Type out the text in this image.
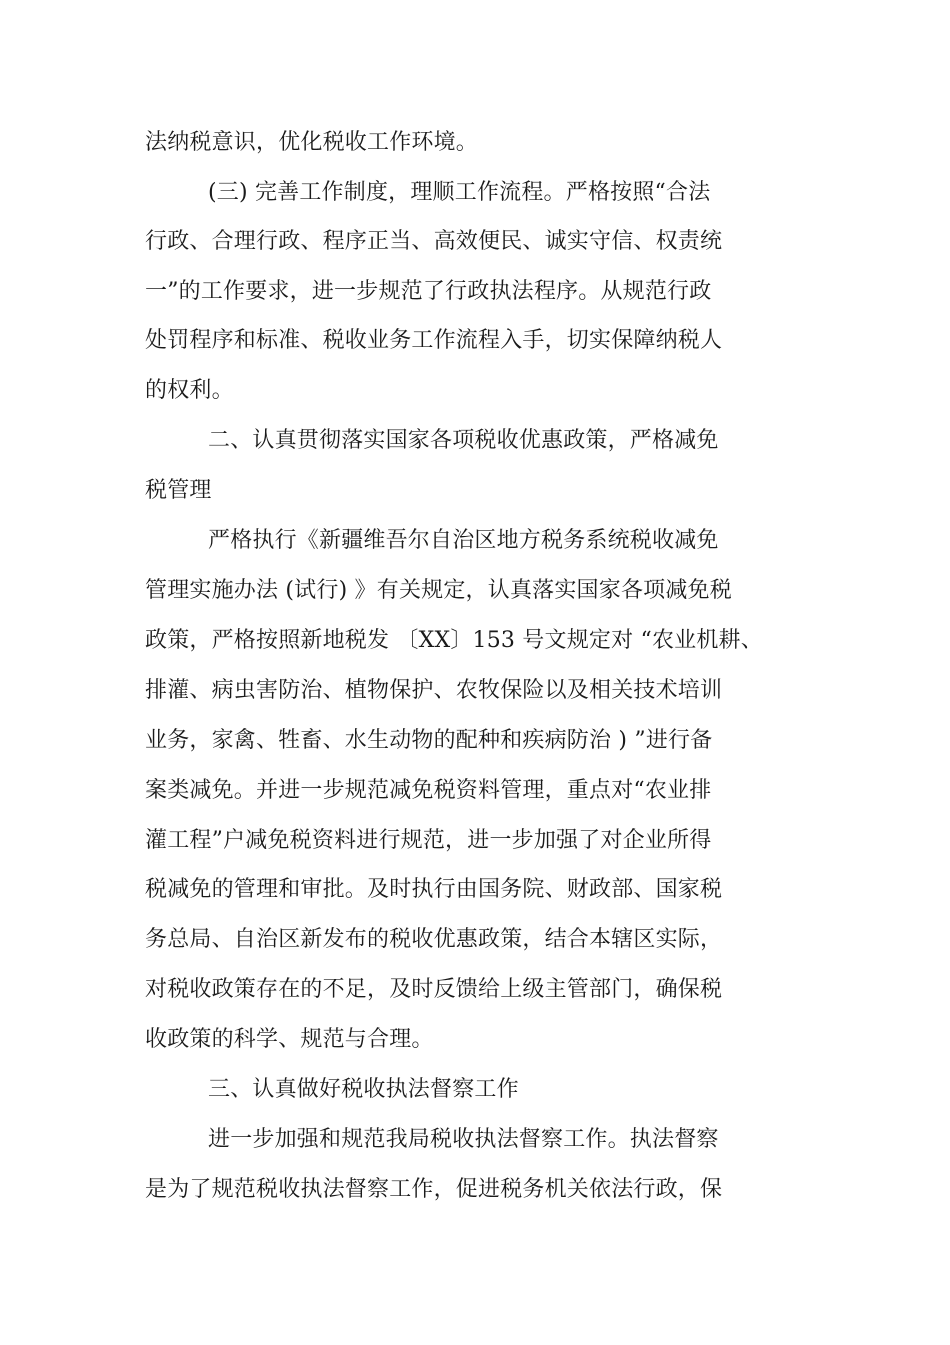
法纳税意识，优化税收工作环境。
(三) 完善工作制度，理顺工作流程。严格按照“合法
行政、合理行政、程序正当、高效便民、诚实守信、权责统
一”的工作要求，进一步规范了行政执法程序。从规范行政
处罚程序和标准、税收业务工作流程入手，切实保障纳税人
的权利。
二、认真贯彻落实国家各项税收优惠政策，严格减免
税管理
严格执行《新疆维吾尔自治区地方税务系统税收减免
管理实施办法 (试行) 》有关规定，认真落实国家各项减免税
政策，严格按照新地税发 〔XX〕153 号文规定对 “农业机耕、
排灌、病虫害防治、植物保护、农牧保险以及相关技术培训
业务，家禽、牲畜、水生动物的配种和疾病防治 ) ”进行备
案类减免。并进一步规范减免税资料管理，重点对“农业排
灌工程”户减免税资料进行规范，进一步加强了对企业所得
税减免的管理和审批。及时执行由国务院、财政部、国家税
务总局、自治区新发布的税收优惠政策，结合本辖区实际，
对税收政策存在的不足，及时反馈给上级主管部门，确保税
收政策的科学、规范与合理。
三、认真做好税收执法督察工作
进一步加强和规范我局税收执法督察工作。执法督察
是为了规范税收执法督察工作，促进税务机关依法行政，保
